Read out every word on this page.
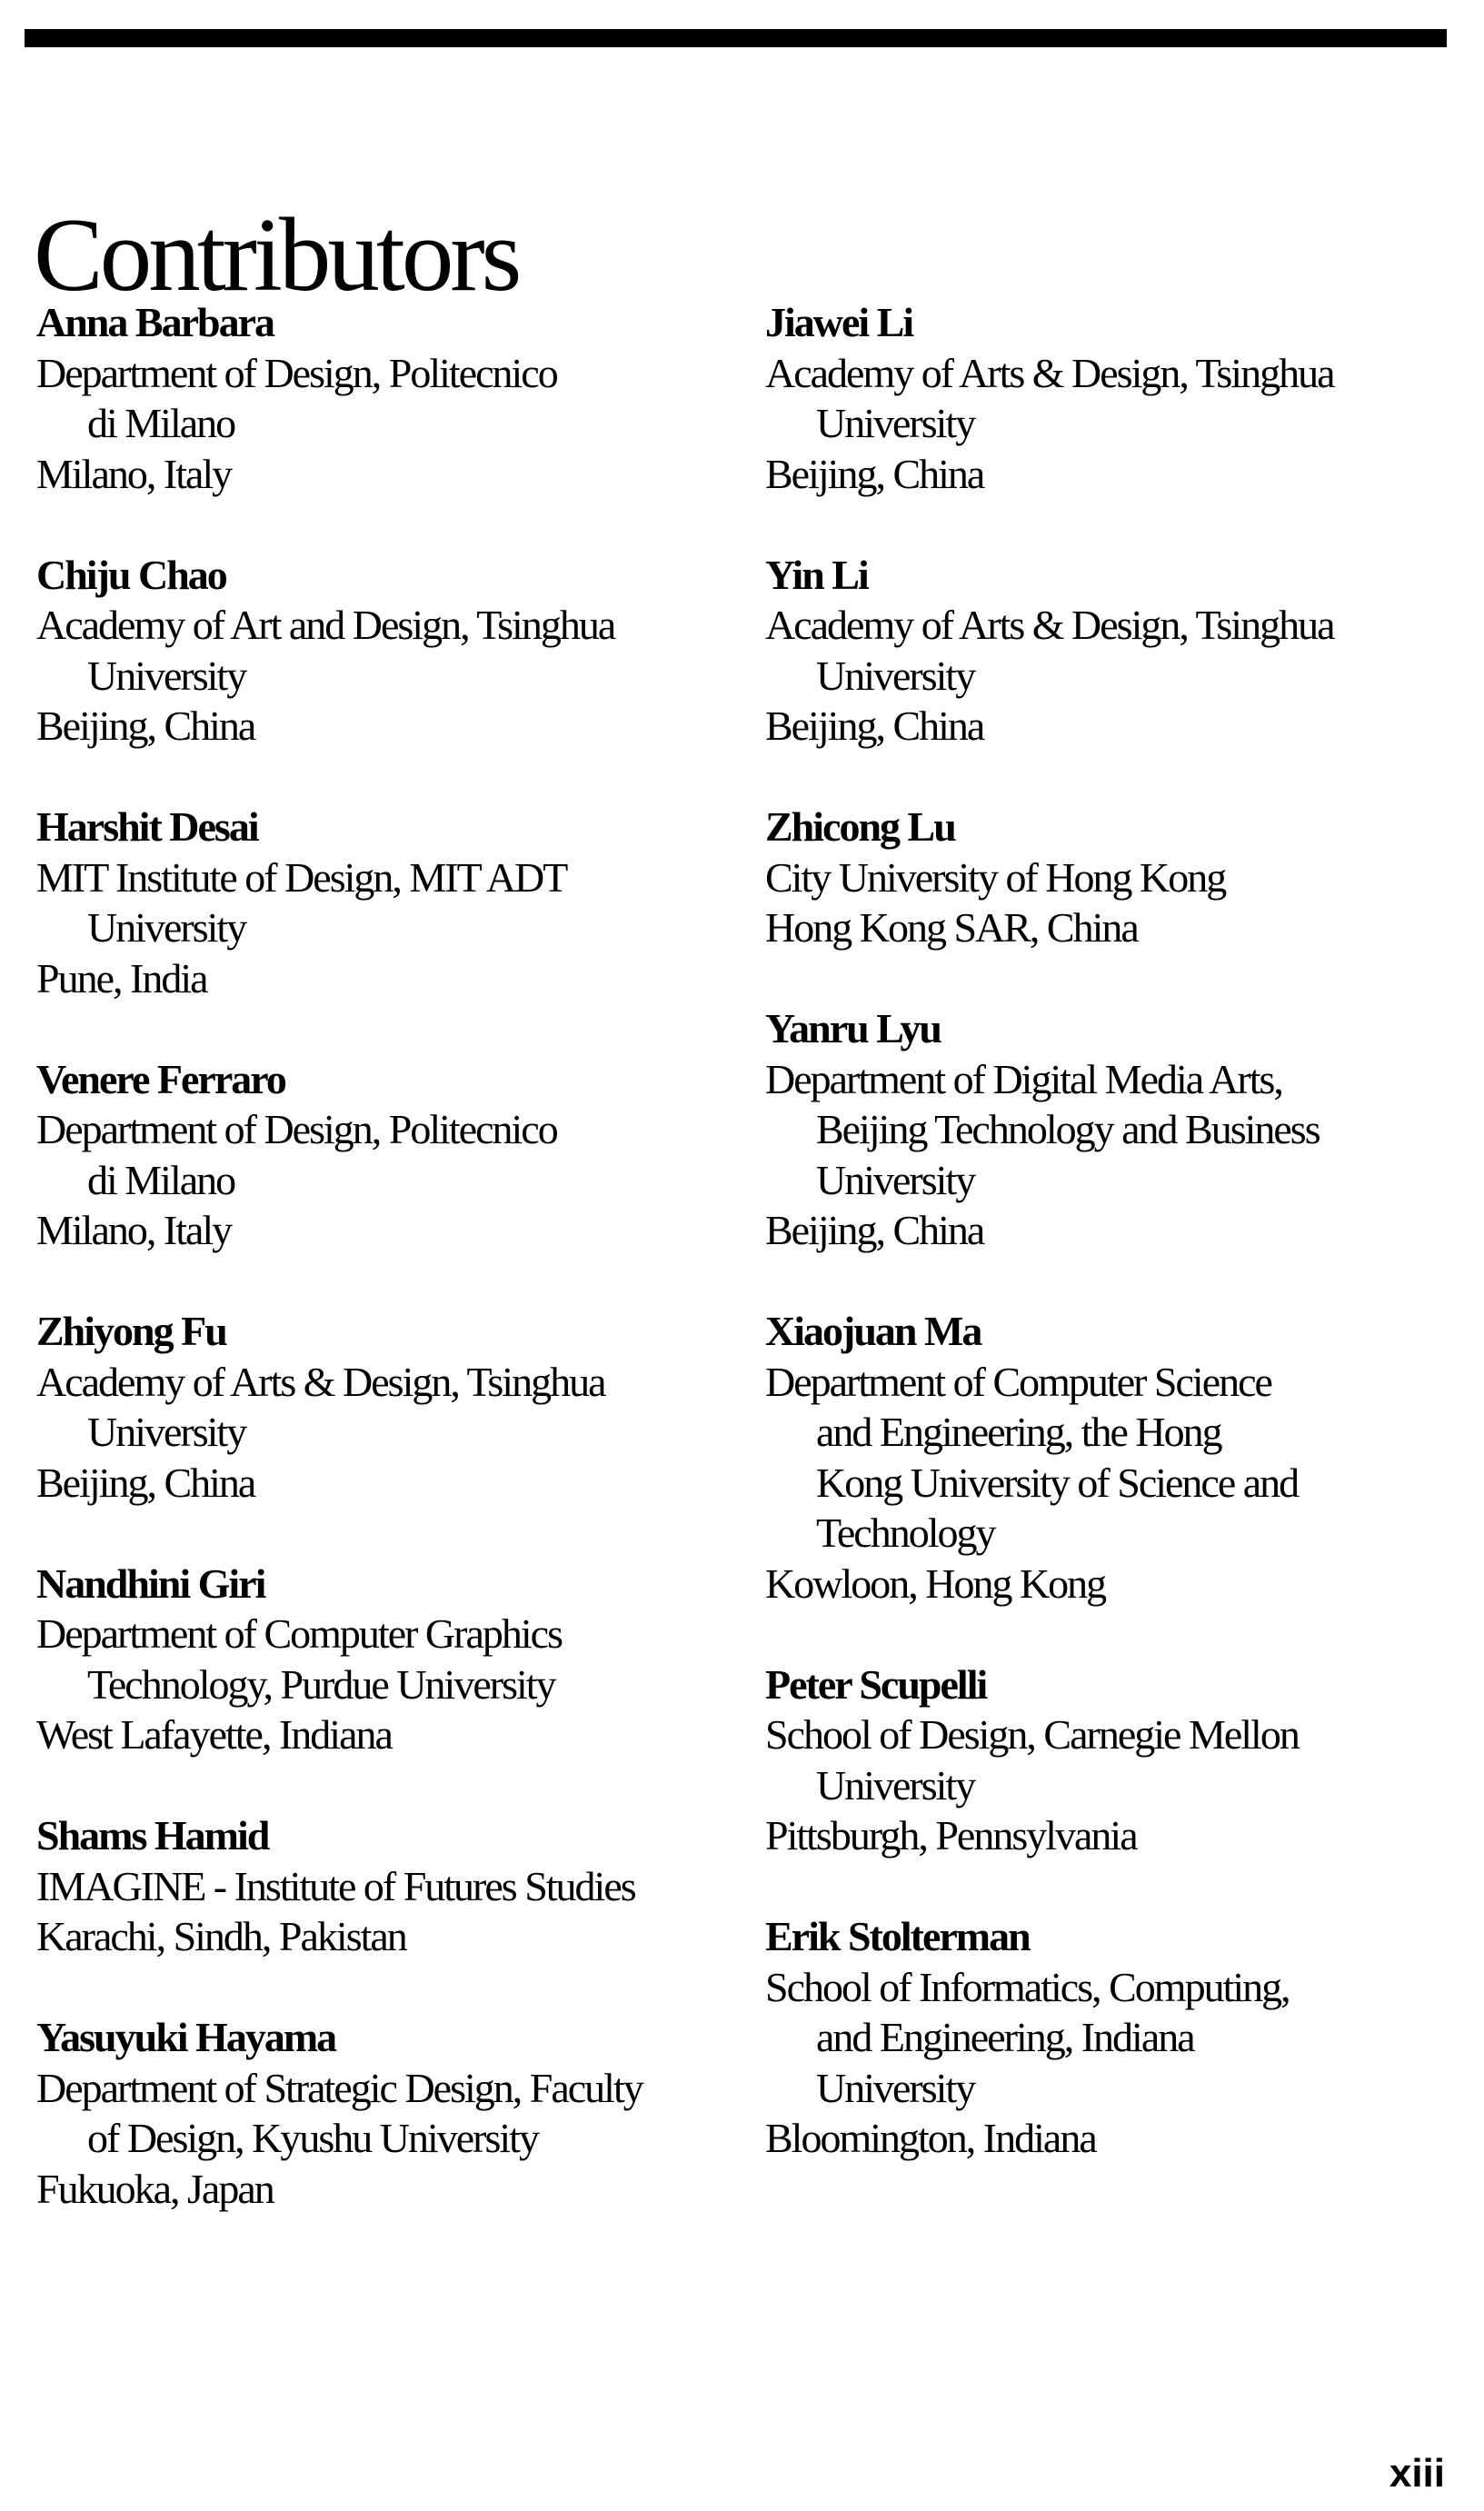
Contributors
Anna Barbara
Department of Design, Politecnico
di Milano
Milano, Italy
Chiju Chao
Academy of Art and Design, Tsinghua
University
Beijing, China
Harshit Desai
MIT Institute of Design, MIT ADT
University
Pune, India
Venere Ferraro
Department of Design, Politecnico
di Milano
Milano, Italy
Zhiyong Fu
Academy of Arts & Design, Tsinghua
University
Beijing, China
Nandhini Giri
Department of Computer Graphics
Technology, Purdue University
West Lafayette, Indiana
Shams Hamid
IMAGINE - Institute of Futures Studies
Karachi, Sindh, Pakistan
Yasuyuki Hayama
Department of Strategic Design, Faculty
of Design, Kyushu University
Fukuoka, Japan
Jiawei Li
Academy of Arts & Design, Tsinghua
University
Beijing, China
Yin Li
Academy of Arts & Design, Tsinghua
University
Beijing, China
Zhicong Lu
City University of Hong Kong
Hong Kong SAR, China
Yanru Lyu
Department of Digital Media Arts,
Beijing Technology and Business
University
Beijing, China
Xiaojuan Ma
Department of Computer Science
and Engineering, the Hong
Kong University of Science and
Technology
Kowloon, Hong Kong
Peter Scupelli
School of Design, Carnegie Mellon
University
Pittsburgh, Pennsylvania
Erik Stolterman
School of Informatics, Computing,
and Engineering, Indiana
University
Bloomington, Indiana
xiii
